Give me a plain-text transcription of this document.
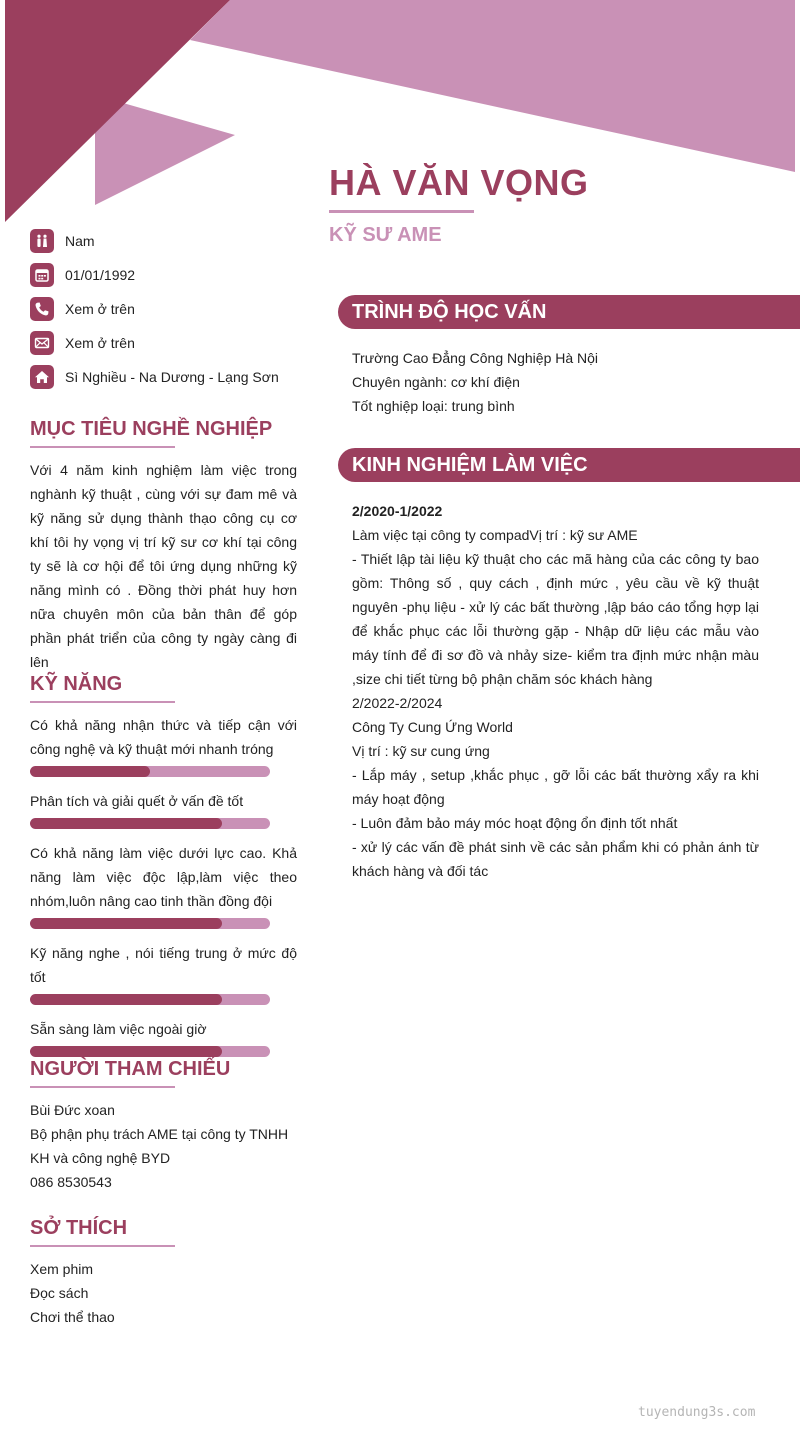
HÀ VĂN VỌNG
KỸ SƯ AME
Nam
01/01/1992
Xem ở trên
Xem ở trên
Sì Nghiều - Na Dương - Lạng Sơn
MỤC TIÊU NGHỀ NGHIỆP
Với 4 năm kinh nghiệm làm việc trong nghành kỹ thuật , cùng với sự đam mê và kỹ năng sử dụng thành thạo công cụ cơ khí tôi hy vọng vị trí kỹ sư cơ khí tại công ty sẽ là cơ hội để tôi ứng dụng những kỹ năng mình có . Đồng thời phát huy hơn nữa chuyên môn của bản thân để góp phần phát triển của công ty ngày càng đi lên
KỸ NĂNG
Có khả năng nhận thức và tiếp cận với công nghệ và kỹ thuật mới nhanh tróng
Phân tích và giải quết ở vấn đề tốt
Có khả năng làm việc dưới lực cao. Khả năng làm việc độc lập,làm việc theo nhóm,luôn nâng cao tinh thần đồng đội
Kỹ năng nghe , nói tiếng trung ở mức độ tốt
Sẵn sàng làm việc ngoài giờ
NGƯỜI THAM CHIẾU
Bùi Đức xoan
Bộ phận phụ trách AME tại công ty TNHH KH và công nghệ BYD
086 8530543
SỞ THÍCH
Xem phim
Đọc sách
Chơi thể thao
TRÌNH ĐỘ HỌC VẤN
Trường Cao Đẳng Công Nghiệp Hà Nội
Chuyên ngành: cơ khí điện
Tốt nghiệp loại: trung bình
KINH NGHIỆM LÀM VIỆC
2/2020-1/2022
Làm việc tại công ty compadVị trí : kỹ sư AME
- Thiết lập tài liệu kỹ thuật cho các mã hàng của các công ty bao gồm: Thông số , quy cách , định mức , yêu cầu về kỹ thuật nguyên -phụ liệu - xử lý các bất thường ,lập báo cáo tổng hợp lại để khắc phục các lỗi thường gặp - Nhập dữ liệu các mẫu vào máy tính để đi sơ đồ và nhảy size- kiểm tra định mức nhận màu ,size chi tiết từng bộ phận chăm sóc khách hàng
2/2022-2/2024
Công Ty Cung Ứng World
Vị trí : kỹ sư cung ứng
- Lắp máy , setup ,khắc phục , gỡ lỗi các bất thường xẩy ra khi máy hoạt động
- Luôn đảm bảo máy móc hoạt động ổn định tốt nhất
- xử lý các vấn đề phát sinh về các sản phẩm khi có phản ánh từ khách hàng và đối tác
tuyendung3s.com
